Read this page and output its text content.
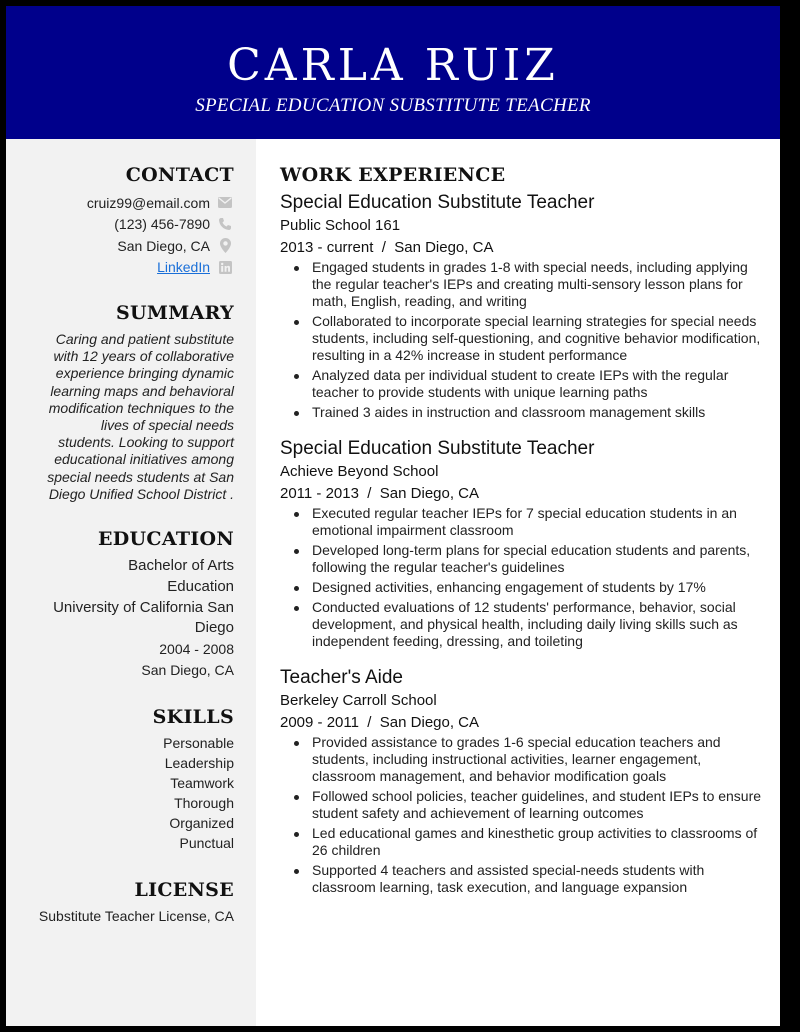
CARLA RUIZ
SPECIAL EDUCATION SUBSTITUTE TEACHER
CONTACT
cruiz99@email.com
(123) 456-7890
San Diego, CA
LinkedIn
SUMMARY
Caring and patient substitute with 12 years of collaborative experience bringing dynamic learning maps and behavioral modification techniques to the lives of special needs students. Looking to support educational initiatives among special needs students at San Diego Unified School District .
EDUCATION
Bachelor of Arts
Education
University of California San Diego
2004 - 2008
San Diego, CA
SKILLS
Personable
Leadership
Teamwork
Thorough
Organized
Punctual
LICENSE
Substitute Teacher License, CA
WORK EXPERIENCE
Special Education Substitute Teacher
Public School 161
2013 - current  /  San Diego, CA
Engaged students in grades 1-8 with special needs, including applying the regular teacher's IEPs and creating multi-sensory lesson plans for math, English, reading, and writing
Collaborated to incorporate special learning strategies for special needs students, including self-questioning, and cognitive behavior modification, resulting in a 42% increase in student performance
Analyzed data per individual student to create IEPs with the regular teacher to provide students with unique learning paths
Trained 3 aides in instruction and classroom management skills
Special Education Substitute Teacher
Achieve Beyond School
2011 - 2013  /  San Diego, CA
Executed regular teacher IEPs for 7 special education students in an emotional impairment classroom
Developed long-term plans for special education students and parents, following the regular teacher's guidelines
Designed activities, enhancing engagement of students by 17%
Conducted evaluations of 12 students' performance, behavior, social development, and physical health, including daily living skills such as independent feeding, dressing, and toileting
Teacher's Aide
Berkeley Carroll School
2009 - 2011  /  San Diego, CA
Provided assistance to grades 1-6 special education teachers and students, including instructional activities, learner engagement, classroom management, and behavior modification goals
Followed school policies, teacher guidelines, and student IEPs to ensure student safety and achievement of learning outcomes
Led educational games and kinesthetic group activities to classrooms of 26 children
Supported 4 teachers and assisted special-needs students with classroom learning, task execution, and language expansion
